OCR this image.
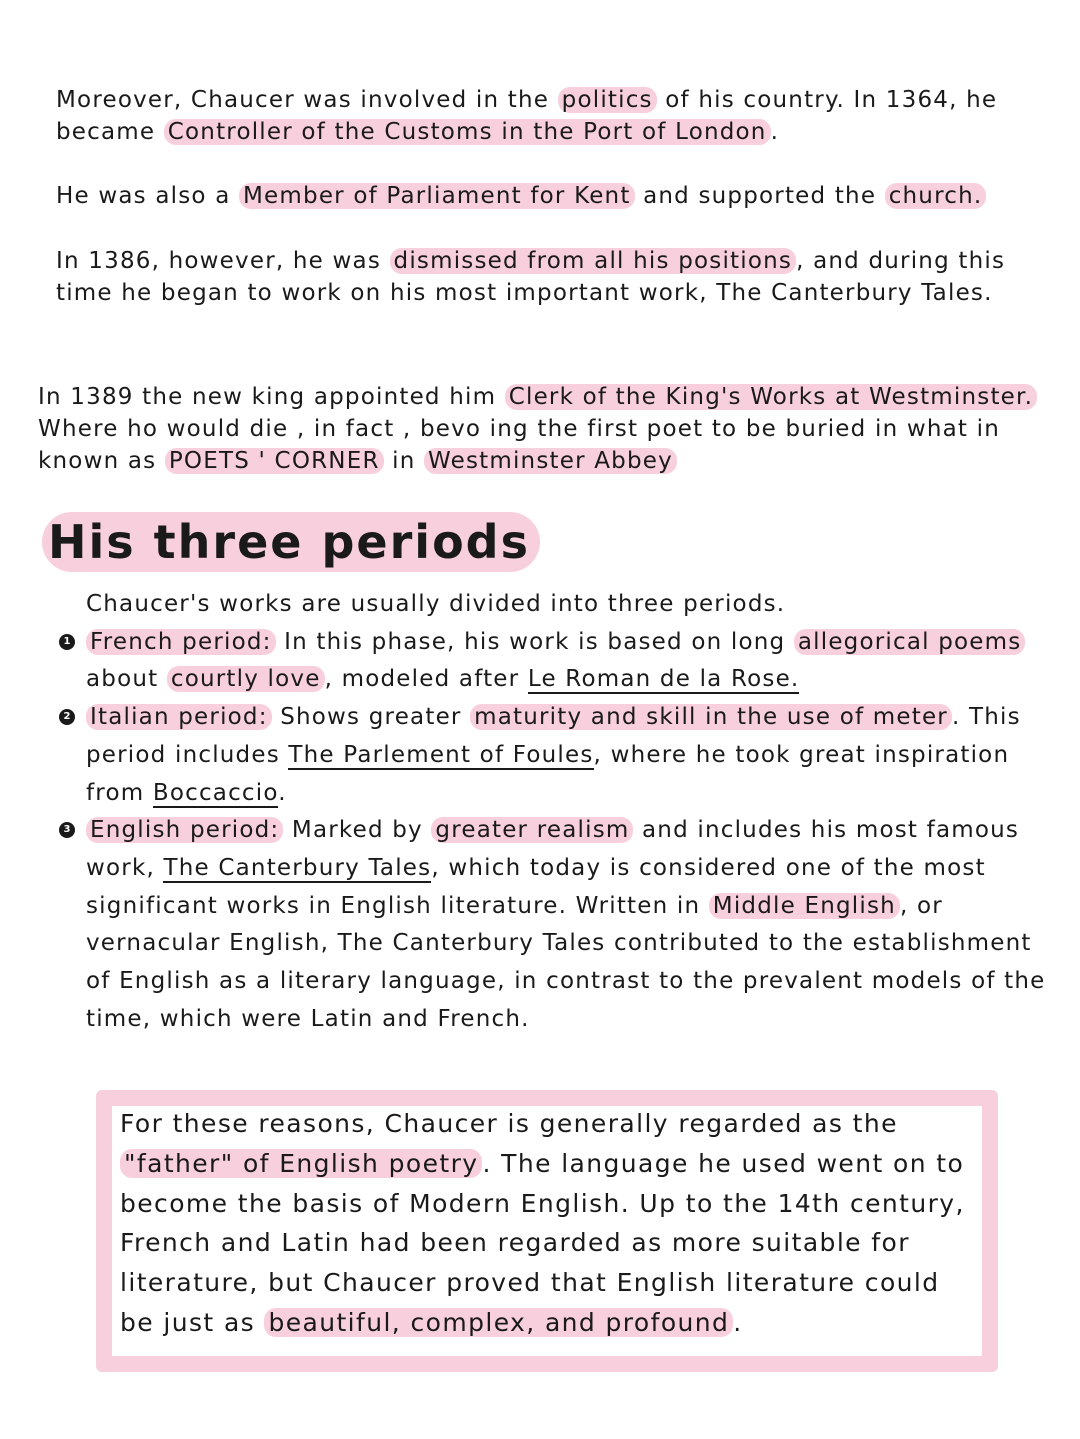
Moreover, Chaucer was involved in the politics of his country. In 1364, he became Controller of the Customs in the Port of London .

He was also a Member of Parliament for Kent and supported the church.

In 1386, however, he was dismissed from all his positions , and during this time he began to work on his most important work, The Canterbury Tales.

In 1389 the new king appointed him Clerk of the King's Works at Westminster. Where ho would die , in fact , bevo ing the first poet to be buried in what in known as POETS ' CORNER in Westminster Abbey

His three periods

Chaucer's works are usually divided into three periods.

1 French period: In this phase, his work is based on long allegorical poems about courtly love , modeled after Le Roman de la Rose.

2 Italian period: Shows greater maturity and skill in the use of meter . This period includes The Parlement of Foules, where he took great inspiration from Boccaccio.

3 English period: Marked by greater realism and includes his most famous work, The Canterbury Tales, which today is considered one of the most significant works in English literature. Written in Middle English , or vernacular English, The Canterbury Tales contributed to the establishment of English as a literary language, in contrast to the prevalent models of the time, which were Latin and French.

For these reasons, Chaucer is generally regarded as the "father" of English poetry . The language he used went on to become the basis of Modern English. Up to the 14th century, French and Latin had been regarded as more suitable for literature, but Chaucer proved that English literature could be just as beautiful, complex, and profound .
